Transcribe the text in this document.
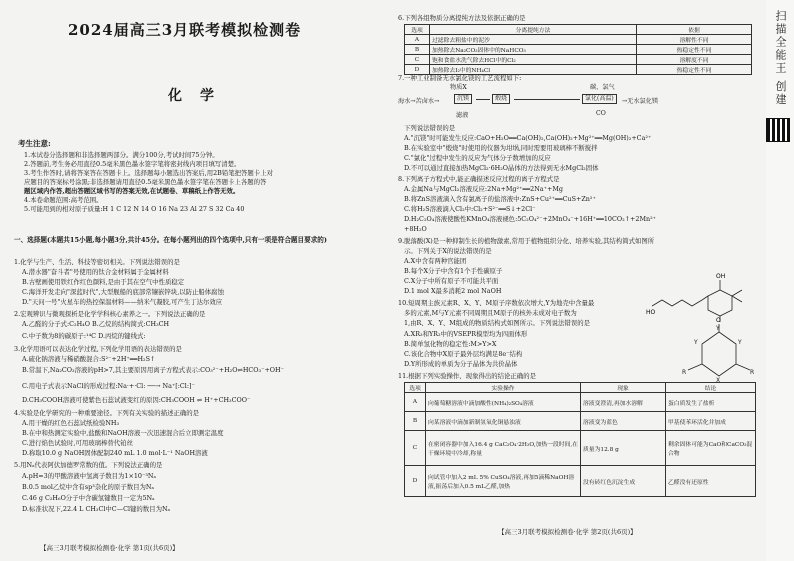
2024届高三3月联考模拟检测卷
化学
考生注意:
1.本试卷分选择题和非选择题两部分。满分100分,考试时间75分钟。
2.答题前,考生务必用直径0.5毫米黑色墨水签字笔将密封线内项目填写清楚。
3.考生作答时,请将答案答在答题卡上。选择题每小题选出答案后,用2B铅笔把答题卡上对
应题目的答案标号涂黑;非选择题请用直径0.5毫米黑色墨水签字笔在答题卡上各题的答
题区域内作答,超出答题区域书写的答案无效,在试题卷、草稿纸上作答无效。
4.本卷命题范围:高考范围。
5.可能用到的相对原子质量:H 1 C 12 N 14 O 16 Na 23 Al 27 S 32 Ca 40
一、选择题(本题共15小题,每小题3分,共计45分。在每小题列出的四个选项中,只有一项是符合题目要求的)
1.化学与生产、生活、科技等密切相关。下列说法错误的是
A.潜水器"奋斗者"号使用的钛合金材料属于金属材料
B.古壁画使用铁红作红色颜料,是由于其在空气中性质稳定
C.海洋开发走向"深蓝时代",大型舰船的底部常镶嵌锌块,以防止船体腐蚀
D."天问一号"火星车的热控保温材料——纳米气凝胶,可产生丁达尔效应
2.宏观辨识与微观探析是化学学科核心素养之一。下列说法正确的是
A.乙醛的分子式:C₂H₄O B.乙烷的结构简式:CH₃CH
C.中子数为8的碳原子:¹⁴C D.丙烷的键线式:
3.化学用语可以表达化学过程,下列化学用语的表达错误的是
A.硫化钠溶液与稀硝酸混合:S²⁻+2H⁺══H₂S↑
B.常温下,Na₂CO₃溶液的pH>7,其主要原因用离子方程式表示:CO₃²⁻+H₂O⇌HCO₃⁻+OH⁻
C.用电子式表示NaCl的形成过程:Na·+·Cl: ──→ Na⁺[:Cl:]⁻
D.CH₃COOH溶液可使紫色石蕊试液变红的原因:CH₃COOH ⇌ H⁺+CH₃COO⁻
4.实验是化学研究的一种重要途径。下列有关实验的描述正确的是
A.用干燥的红色石蕊试纸检验NH₃
B.在中和热测定实验中,盐酸和NaOH溶液一次迅速混合后立即测定温度
C.进行焰色试验时,可用玻璃棒替代铂丝
D.称取10.0 g NaOH固体配制240 mL 1.0 mol·L⁻¹ NaOH溶液
5.用Nₐ代表阿伏加德罗常数的值。下列说法正确的是
A.pH=3的甲酸溶液中氢离子数目为1×10⁻³Nₐ
B.0.5 mol乙烷中含有sp³杂化的原子数目为Nₐ
C.46 g C₂H₆O分子中含碳氢键数目一定为5Nₐ
D.标准状况下,22.4 L CH₃Cl中C—Cl键的数目为Nₐ
【高三3月联考模拟检测卷·化学 第1页(共6页)】
6.下列各组物质分离提纯方法及依据正确的是
选项	分离提纯方法	依据
A	过滤除去粗盐中的泥沙	溶解性不同
B	加热除去Na₂CO₃固体中的NaHCO₃	热稳定性不同
C	饱和食盐水洗气除去HCl中的Cl₂	溶解度不同
D	加热除去I₂中的NH₄Cl	热稳定性不同
7.一种工业制备无水氯化镁的工艺流程如下:
物质X	碳、氯气
海水→苦卤水→	沉镁	煅烧	氯化(高温)	→无水氯化镁
滤液	CO
下列说法错误的是
A."沉镁"时可能发生反应:CaO+H₂O══Ca(OH)₂,Ca(OH)₂+Mg²⁺══Mg(OH)₂+Ca²⁺
B.在实验室中"煅烧"时使用的仪器为坩埚,同时需要用玻璃棒不断搅拌
C."氯化"过程中发生的反应为气体分子数增加的反应
D.不可以通过直接加热MgCl₂·6H₂O晶体的方法得到无水MgCl₂固体
8.下列离子方程式中,能正确描述反应过程的离子方程式是
A.金属Na与MgCl₂溶液反应:2Na+Mg²⁺══2Na⁺+Mg
B.将ZnS溶液滴入含有氯离子的盐溶液中:ZnS+Cu²⁺══CuS+Zn²⁺
C.将H₂S溶液滴入Cl₂中:Cl₂+S²⁻══S↓+2Cl⁻
D.H₂C₂O₄溶液使酸性KMnO₄溶液褪色:5C₂O₄²⁻+2MnO₄⁻+16H⁺══10CO₂↑+2Mn²⁺
+8H₂O
9.脱落酸(X)是一种抑制生长的植物激素,常用于植物组织分化、培养实验,其结构简式如图所
示。下列关于X的说法错误的是
A.X中含有两种官能团
B.每个X分子中含有1个手性碳原子
C.X分子中所有原子不可能共平面
D.1 mol X最多消耗2 mol NaOH
HO
OH
O
10.短周期主族元素R、X、Y、M原子序数依次增大,Y为地壳中含量最
多的元素,M与Y元素不同周期且M原子的核外未成对电子数为
1,由R、X、Y、M组成的物质结构式如图所示。下列说法错误的是
A.XR₃和YR₂中的VSEPR模型均为四面体形
B.简单氢化物的稳定性:M>Y>X
C.该化合物中X原子最外层均满足8e⁻结构
D.Y所形成的单质为分子晶体为共价晶体
Y
Y
Y
R
R
X
11.根据下列实验操作、现象得出的结论正确的是
选项	实验操作	现象	结论
A	向葡萄糖溶液中滴加酸性(NH₄)₂SO₄溶液	溶液变澄清,再加水溶解	蛋白质发生了盐析
B	向某溶液中滴加新制氢氧化铜悬浊液	溶液变为蓝色	甲基使苯环活化并加成
C	在密闭容器中加入16.4 g CaC₂O₄·2H₂O,加热一段时间,在干燥环境中冷却,称量	质量为12.8 g	剩余固体可能为CaO和CaCO₃混合物
D	向试管中加入2 mL 5% CuSO₄溶液,再加5滴稀NaOH溶液,振荡后加入0.5 mL乙醛,加热	没有砖红色沉淀生成	乙醛没有还原性
【高三3月联考模拟检测卷·化学 第2页(共6页)】
扫描全能王 创建
